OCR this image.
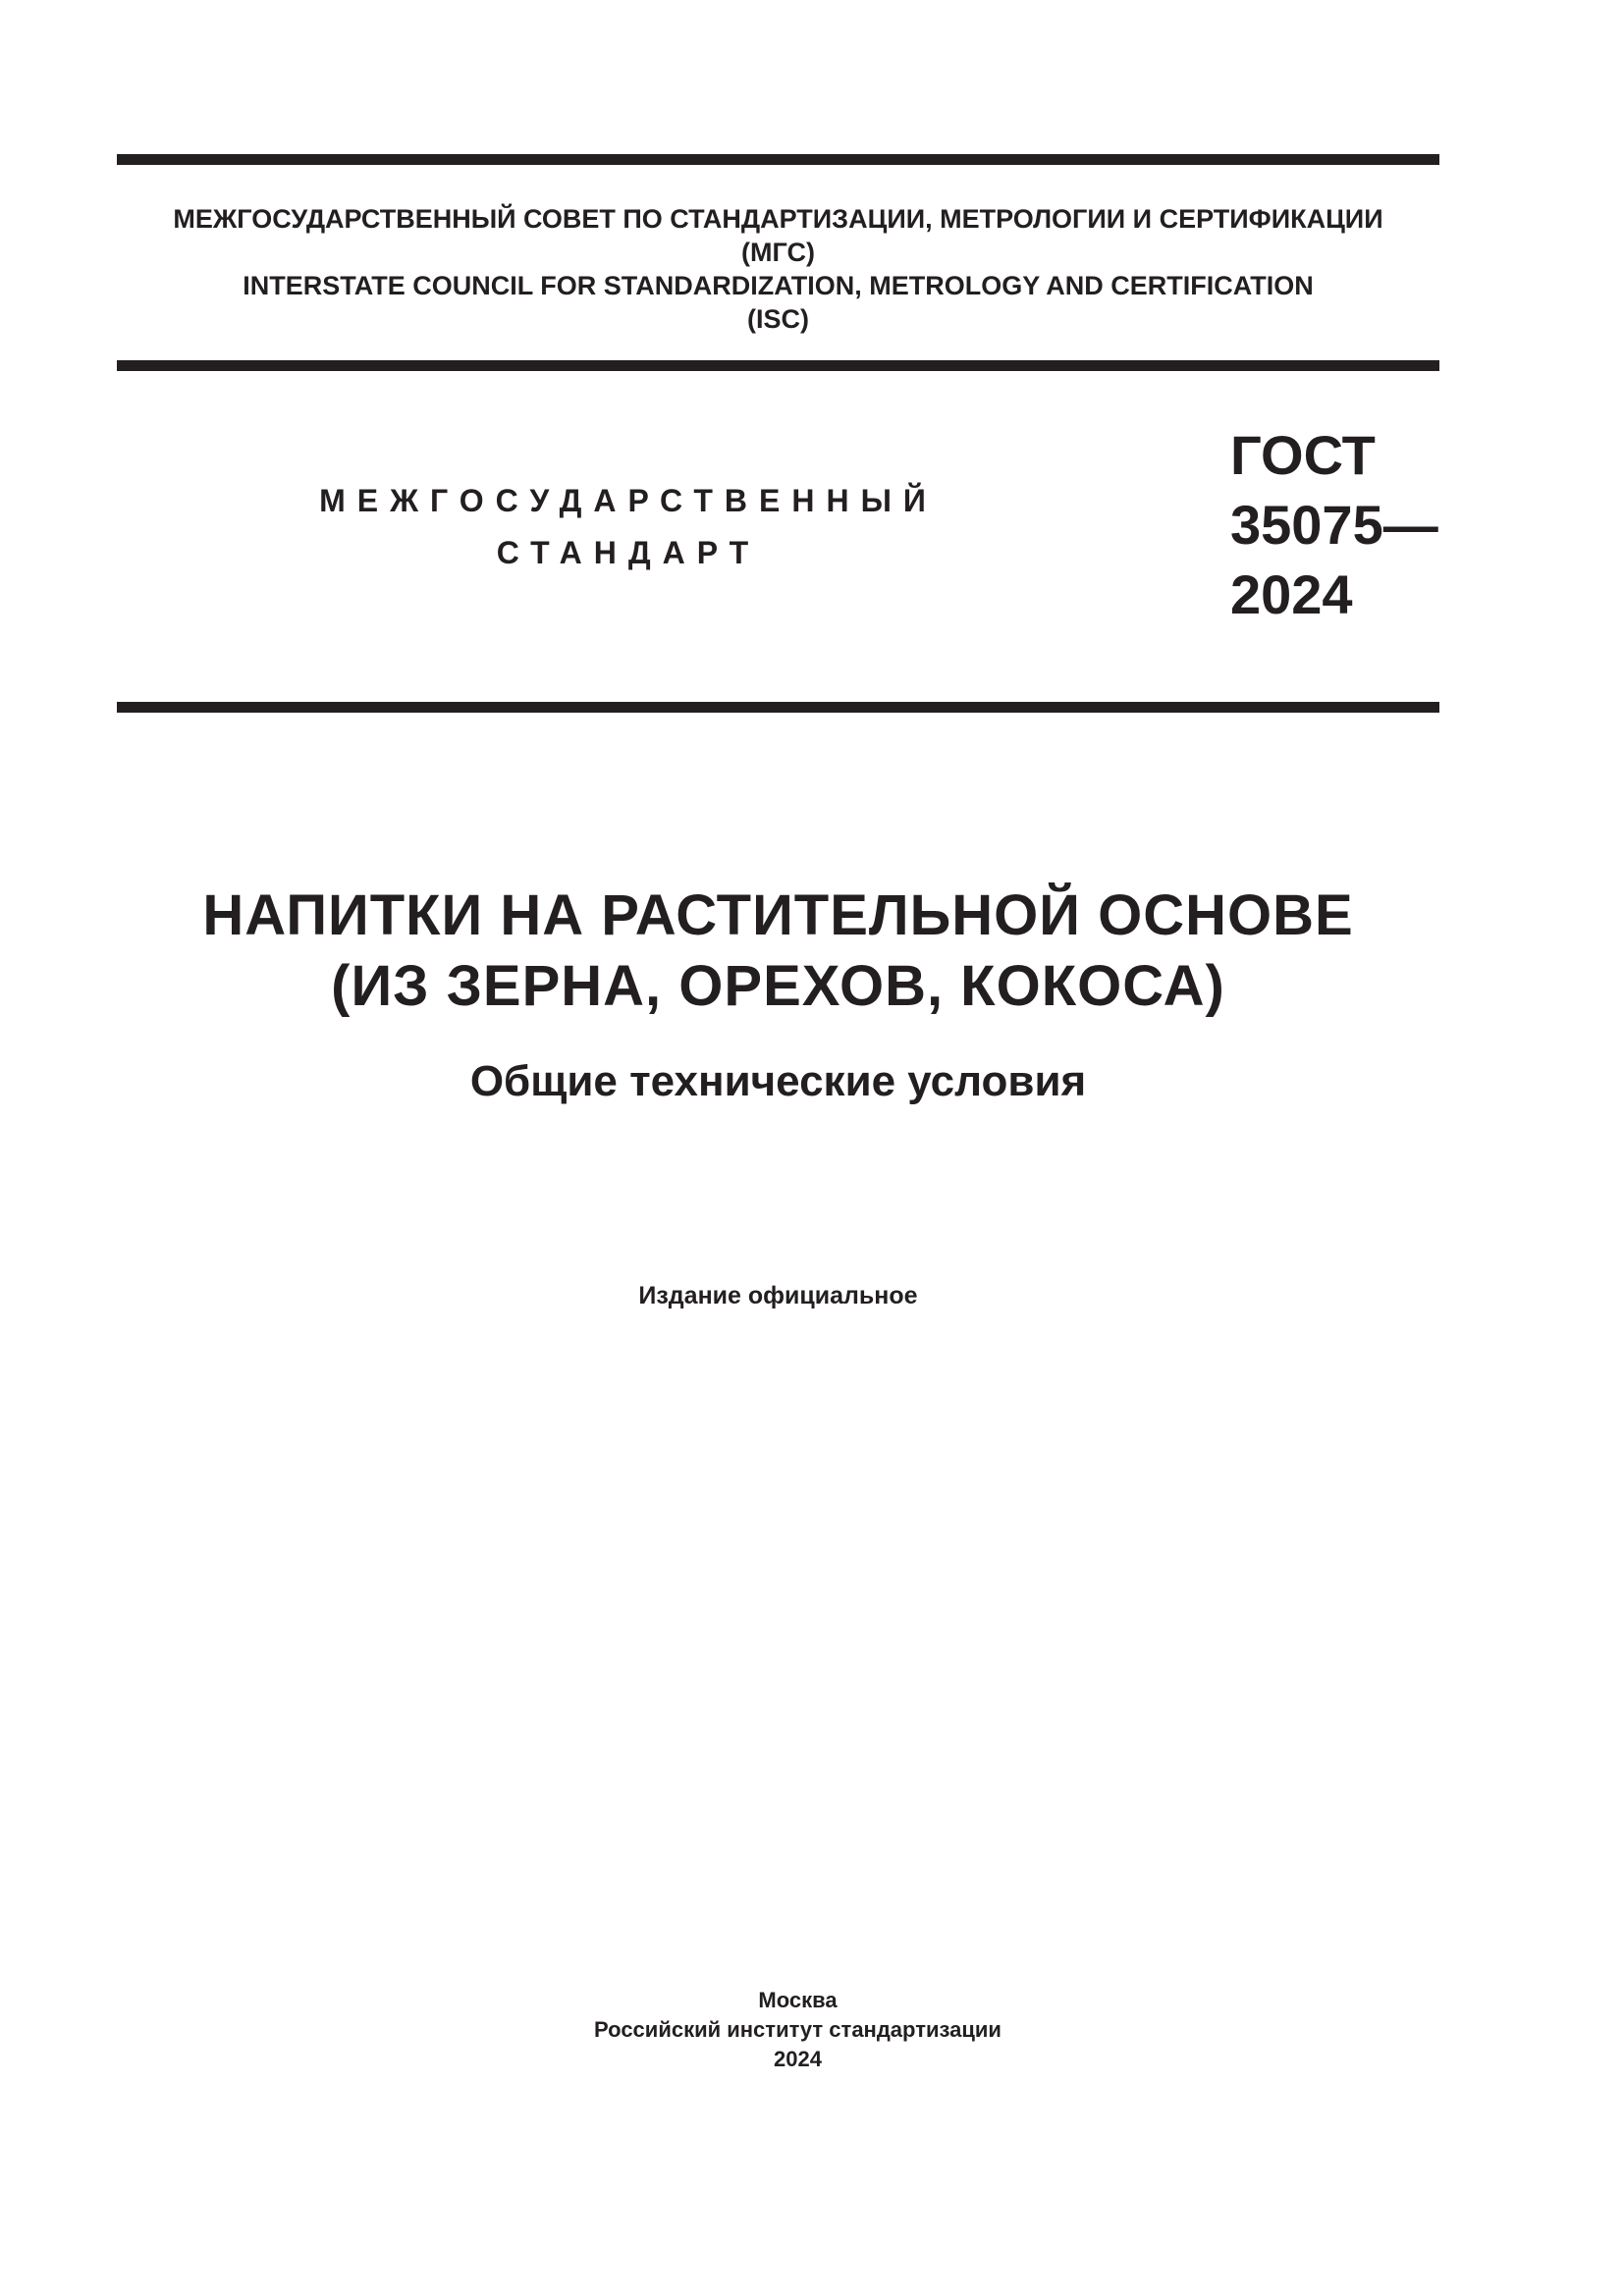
МЕЖГОСУДАРСТВЕННЫЙ СОВЕТ ПО СТАНДАРТИЗАЦИИ, МЕТРОЛОГИИ И СЕРТИФИКАЦИИ
(МГС)
INTERSTATE COUNCIL FOR STANDARDIZATION, METROLOGY AND CERTIFICATION
(ISC)
МЕЖГОСУДАРСТВЕННЫЙ
СТАНДАРТ
ГОСТ
35075—
2024
НАПИТКИ НА РАСТИТЕЛЬНОЙ ОСНОВЕ
(ИЗ ЗЕРНА, ОРЕХОВ, КОКОСА)
Общие технические условия
Издание официальное
Москва
Российский институт стандартизации
2024
